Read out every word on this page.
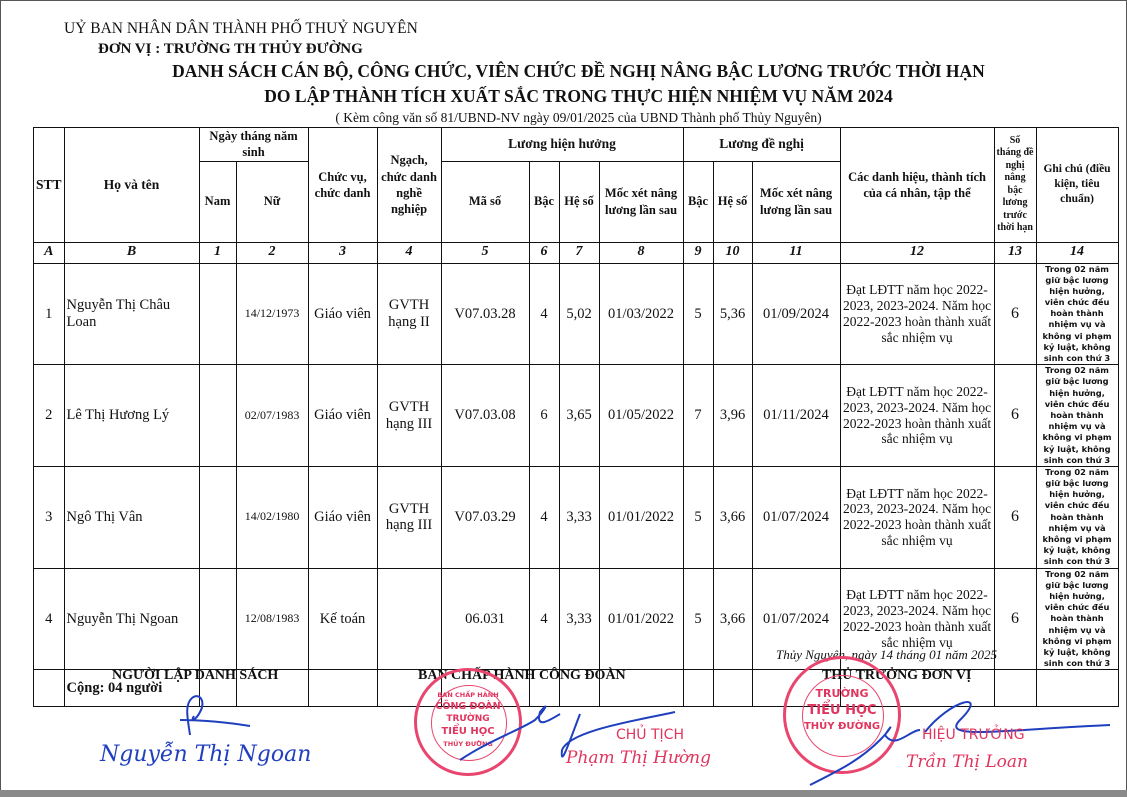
UỶ BAN NHÂN DÂN THÀNH PHỐ THUỶ NGUYÊN
ĐƠN VỊ : TRƯỜNG TH THỦY ĐƯỜNG
DANH SÁCH CÁN BỘ, CÔNG CHỨC, VIÊN CHỨC ĐỀ NGHỊ NÂNG BẬC LƯƠNG TRƯỚC THỜI HẠN
DO LẬP THÀNH TÍCH XUẤT SẮC TRONG THỰC HIỆN NHIỆM VỤ NĂM 2024
( Kèm công văn số 81/UBND-NV ngày 09/01/2025 của UBND Thành phố Thủy Nguyên)
STT	Họ và tên	Ngày tháng năm sinh		Chức vụ, chức danh	Ngạch, chức danh nghề nghiệp	Lương hiện hưởng				Lương đề nghị			Các danh hiệu, thành tích của cá nhân, tập thể	Số tháng đề nghị nâng bậc lương trước thời hạn	Ghi chú (điều kiện, tiêu chuẩn)
		Nam	Nữ			Mã số	Bậc	Hệ số	Mốc xét nâng lương lần sau	Bậc	Hệ số	Mốc xét nâng lương lần sau			
A	B	1	2	3	4	5	6	7	8	9	10	11	12	13	14
1	Nguyễn Thị Châu Loan		14/12/1973	Giáo viên	GVTH hạng II	V07.03.28	4	5,02	01/03/2022	5	5,36	01/09/2024	Đạt LĐTT năm học 2022-2023, 2023-2024. Năm học 2022-2023 hoàn thành xuất sắc nhiệm vụ	6	Trong 02 năm giữ bậc lương hiện hưởng, viên chức đều hoàn thành nhiệm vụ và không vi phạm kỷ luật, không sinh con thứ 3
2	Lê Thị Hương Lý		02/07/1983	Giáo viên	GVTH hạng III	V07.03.08	6	3,65	01/05/2022	7	3,96	01/11/2024	Đạt LĐTT năm học 2022-2023, 2023-2024. Năm học 2022-2023 hoàn thành xuất sắc nhiệm vụ	6	Trong 02 năm giữ bậc lương hiện hưởng, viên chức đều hoàn thành nhiệm vụ và không vi phạm kỷ luật, không sinh con thứ 3
3	Ngô Thị Vân		14/02/1980	Giáo viên	GVTH hạng III	V07.03.29	4	3,33	01/01/2022	5	3,66	01/07/2024	Đạt LĐTT năm học 2022-2023, 2023-2024. Năm học 2022-2023 hoàn thành xuất sắc nhiệm vụ	6	Trong 02 năm giữ bậc lương hiện hưởng, viên chức đều hoàn thành nhiệm vụ và không vi phạm kỷ luật, không sinh con thứ 3
4	Nguyễn Thị Ngoan		12/08/1983	Kế toán		06.031	4	3,33	01/01/2022	5	3,66	01/07/2024	Đạt LĐTT năm học 2022-2023, 2023-2024. Năm học 2022-2023 hoàn thành xuất sắc nhiệm vụ	6	Trong 02 năm giữ bậc lương hiện hưởng, viên chức đều hoàn thành nhiệm vụ và không vi phạm kỷ luật, không sinh con thứ 3
	Cộng: 04 người														
Thủy Nguyên, ngày 14 tháng 01 năm 2025
NGƯỜI LẬP DANH SÁCH
Nguyễn Thị Ngoan
BAN CHẤP HÀNH CÔNG ĐOÀN
BAN CHẤP HÀNH
CÔNG ĐOÀN
TRƯỜNG
TIỂU HỌC
THỦY ĐƯỜNG
CHỦ TỊCH
Phạm Thị Hường
THỦ TRƯỞNG ĐƠN VỊ
TRƯỜNG
TIỂU HỌC
THỦY ĐƯỜNG
HIỆU TRƯỞNG
Trần Thị Loan
